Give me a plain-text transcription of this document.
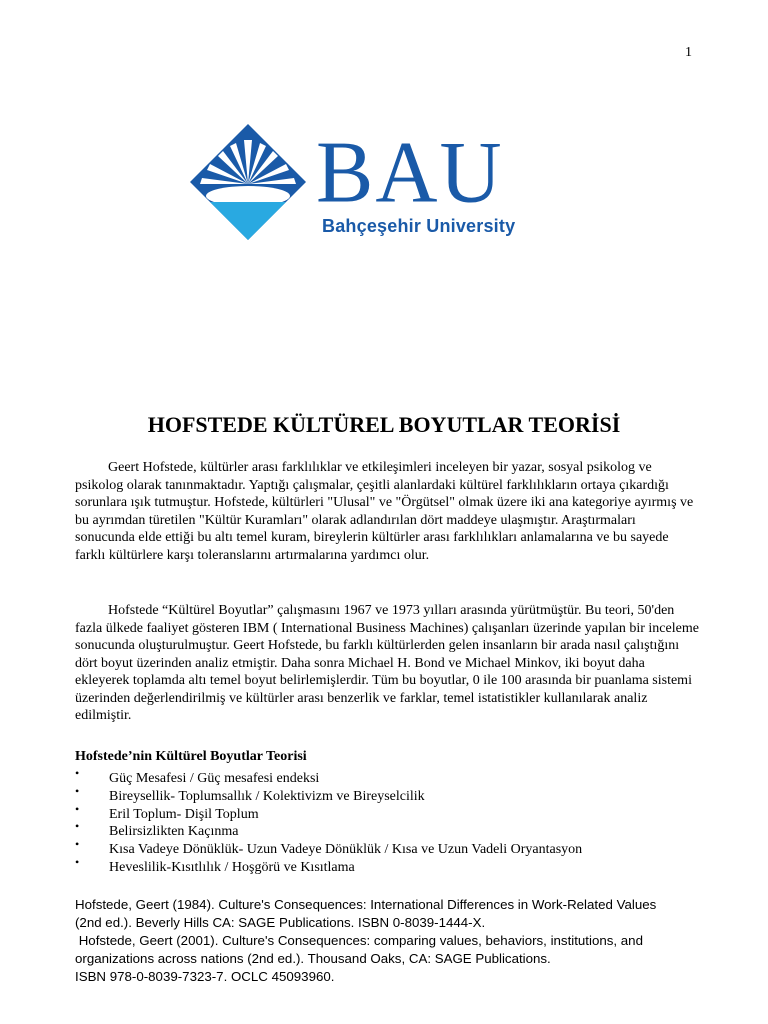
1
BAU
Bahçeşehir University
HOFSTEDE KÜLTÜREL BOYUTLAR TEORİSİ

Geert Hofstede, kültürler arası farklılıklar ve etkileşimleri inceleyen bir yazar, sosyal psikolog ve psikolog olarak tanınmaktadır. Yaptığı çalışmalar, çeşitli alanlardaki kültürel farklılıkların ortaya çıkardığı sorunlara ışık tutmuştur. Hofstede, kültürleri "Ulusal" ve "Örgütsel" olmak üzere iki ana kategoriye ayırmış ve bu ayrımdan türetilen "Kültür Kuramları" olarak adlandırılan dört maddeye ulaşmıştır. Araştırmaları sonucunda elde ettiği bu altı temel kuram, bireylerin kültürler arası farklılıkları anlamalarına ve bu sayede farklı kültürlere karşı toleranslarını artırmalarına yardımcı olur.

Hofstede “Kültürel Boyutlar” çalışmasını 1967 ve 1973 yılları arasında yürütmüştür. Bu teori, 50'den fazla ülkede faaliyet gösteren IBM ( International Business Machines) çalışanları üzerinde yapılan bir inceleme sonucunda oluşturulmuştur. Geert Hofstede, bu farklı kültürlerden gelen insanların bir arada nasıl çalıştığını dört boyut üzerinden analiz etmiştir. Daha sonra Michael H. Bond ve Michael Minkov, iki boyut daha ekleyerek toplamda altı temel boyut belirlemişlerdir. Tüm bu boyutlar, 0 ile 100 arasında bir puanlama sistemi üzerinden değerlendirilmiş ve kültürler arası benzerlik ve farklar, temel istatistikler kullanılarak analiz edilmiştir.

Hofstede’nin Kültürel Boyutlar Teorisi
• Güç Mesafesi / Güç mesafesi endeksi
• Bireysellik- Toplumsallık / Kolektivizm ve Bireyselcilik
• Eril Toplum- Dişil Toplum
• Belirsizlikten Kaçınma
• Kısa Vadeye Dönüklük- Uzun Vadeye Dönüklük / Kısa ve Uzun Vadeli Oryantasyon
• Heveslilik-Kısıtlılık / Hoşgörü ve Kısıtlama
Hofstede, Geert (1984). Culture's Consequences: International Differences in Work-Related Values
(2nd ed.). Beverly Hills CA: SAGE Publications. ISBN 0-8039-1444-X.
Hofstede, Geert (2001). Culture's Consequences: comparing values, behaviors, institutions, and
organizations across nations (2nd ed.). Thousand Oaks, CA: SAGE Publications.
ISBN 978-0-8039-7323-7. OCLC 45093960.
